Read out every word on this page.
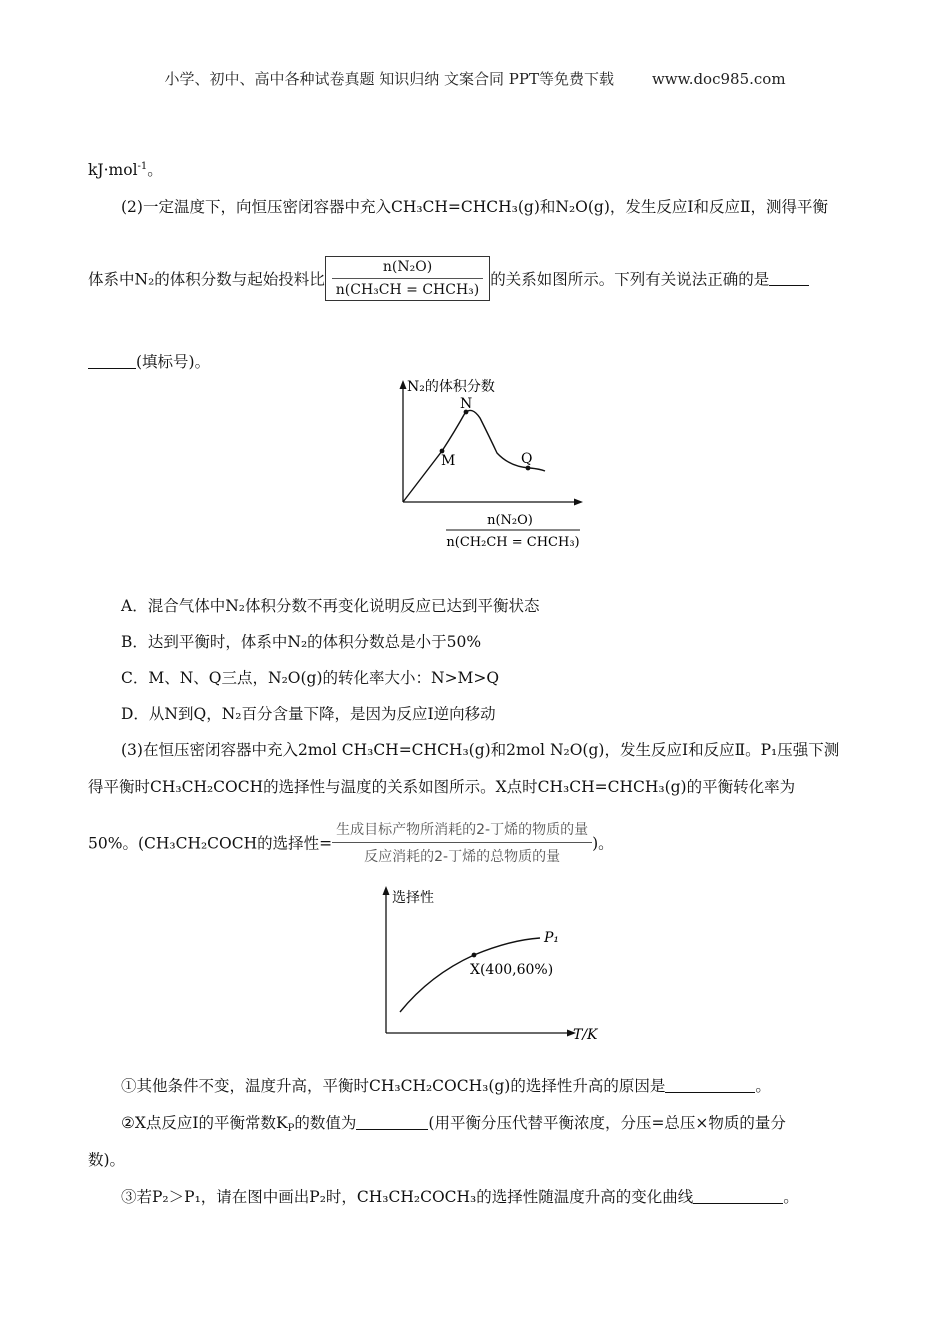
小学、初中、高中各种试卷真题 知识归纳 文案合同 PPT等免费下载	www.doc985.com
kJ·mol$^{-1}$。
(2)一定温度下，向恒压密闭容器中充入CH₃CH=CHCH₃(g)和N₂O(g)，发生反应Ⅰ和反应Ⅱ，测得平衡
体系中N₂的体积分数与起始投料比 $\frac{\text{n(N₂O)}}{\text{n(CH₃CH = CHCH₃)}}$ 的关系如图所示。下列有关说法正确的是
(填标号)。
N₂的体积分数
M
N
Q
n(N₂O)
n(CH₂CH = CHCH₃)
A．混合气体中N₂体积分数不再变化说明反应已达到平衡状态
B．达到平衡时，体系中N₂的体积分数总是小于50%
C．M、N、Q三点，N₂O(g)的转化率大小：N>M>Q
D．从N到Q，N₂百分含量下降，是因为反应Ⅰ逆向移动
(3)在恒压密闭容器中充入2mol CH₃CH=CHCH₃(g)和2mol N₂O(g)，发生反应Ⅰ和反应Ⅱ。P₁压强下测
得平衡时CH₃CH₂COCH的选择性与温度的关系如图所示。X点时CH₃CH=CHCH₃(g)的平衡转化率为
50%。(CH₃CH₂COCH的选择性= $\frac{\text{生成目标产物所消耗的2-丁烯的物质的量}}{\text{反应消耗的2-丁烯的总物质的量}}$ )。
选择性
T/K
P₁
X(400,60%)
①其他条件不变，温度升高，平衡时CH₃CH₂COCH₃(g)的选择性升高的原因是	。
②X点反应Ⅰ的平衡常数$K_P$的数值为	(用平衡分压代替平衡浓度，分压=总压×物质的量分
数)。
③若P₂＞P₁，请在图中画出P₂时，CH₃CH₂COCH₃的选择性随温度升高的变化曲线	。
